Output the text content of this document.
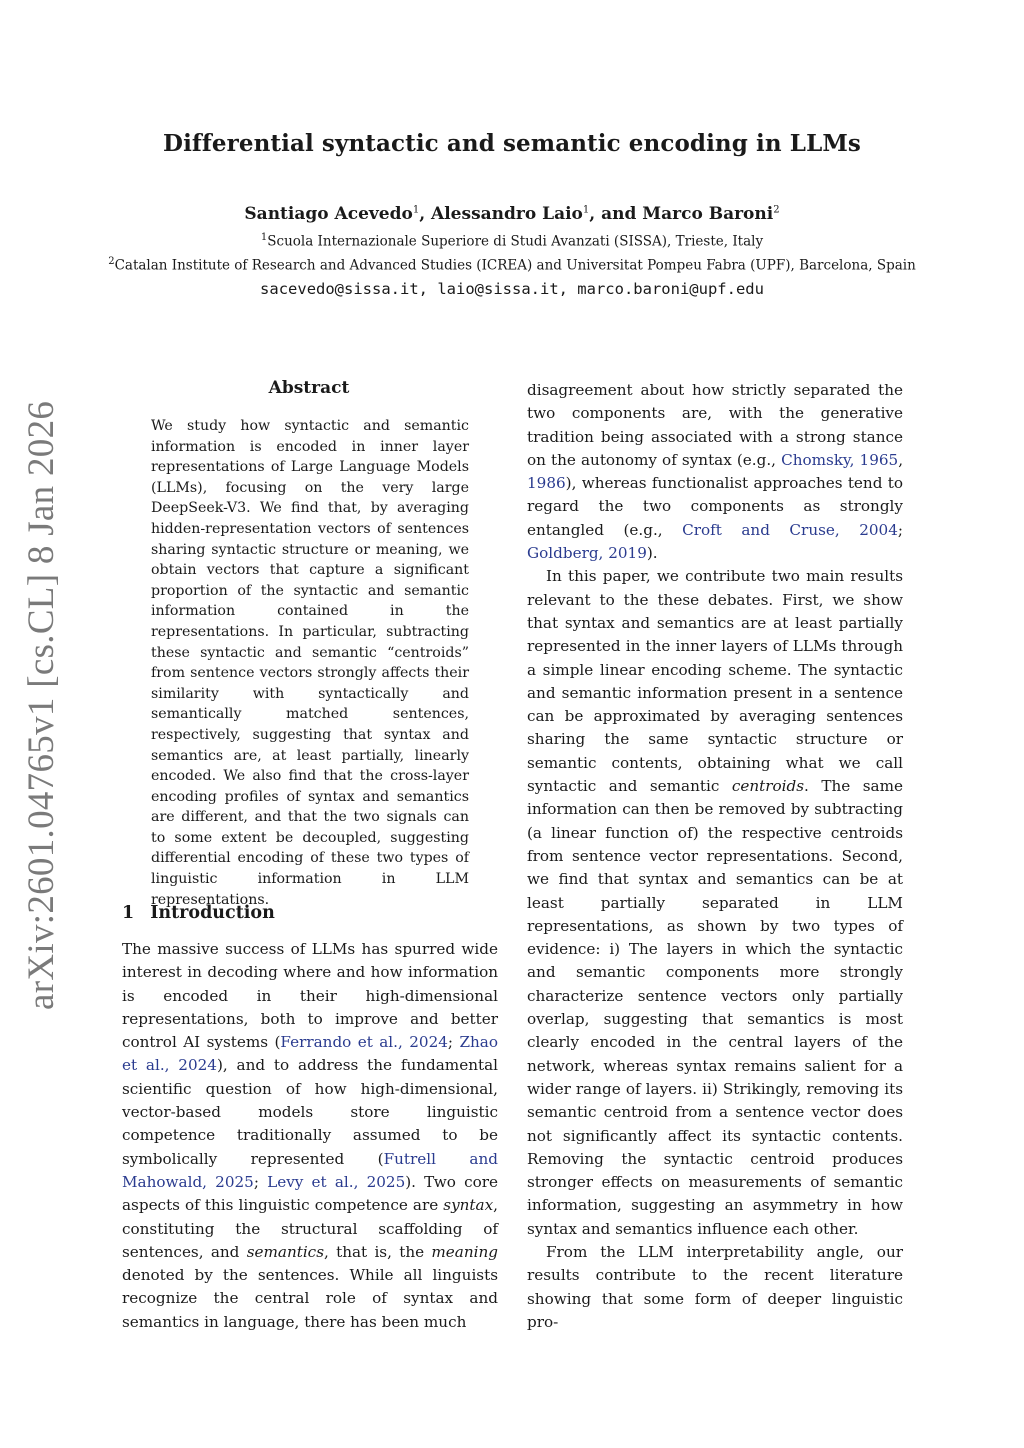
Differential syntactic and semantic encoding in LLMs
Santiago Acevedo$^1$, Alessandro Laio$^1$, and Marco Baroni$^2$
$^1$Scuola Internazionale Superiore di Studi Avanzati (SISSA), Trieste, Italy
$^2$Catalan Institute of Research and Advanced Studies (ICREA) and Universitat Pompeu Fabra (UPF), Barcelona, Spain
sacevedo@sissa.it, laio@sissa.it, marco.baroni@upf.edu
arXiv:2601.04765v1 [cs.CL] 8 Jan 2026
Abstract
We study how syntactic and semantic information is encoded in inner layer representations of Large Language Models (LLMs), focusing on the very large DeepSeek-V3. We find that, by averaging hidden-representation vectors of sentences sharing syntactic structure or meaning, we obtain vectors that capture a significant proportion of the syntactic and semantic information contained in the representations. In particular, subtracting these syntactic and semantic “centroids” from sentence vectors strongly affects their similarity with syntactically and semantically matched sentences, respectively, suggesting that syntax and semantics are, at least partially, linearly encoded. We also find that the cross-layer encoding profiles of syntax and semantics are different, and that the two signals can to some extent be decoupled, suggesting differential encoding of these two types of linguistic information in LLM representations.
1 Introduction

The massive success of LLMs has spurred wide interest in decoding where and how information is encoded in their high-dimensional representations, both to improve and better control AI systems (Ferrando et al., 2024; Zhao et al., 2024), and to address the fundamental scientific question of how high-dimensional, vector-based models store linguistic competence traditionally assumed to be symbolically represented (Futrell and Mahowald, 2025; Levy et al., 2025). Two core aspects of this linguistic competence are syntax, constituting the structural scaffolding of sentences, and semantics, that is, the meaning denoted by the sentences. While all linguists recognize the central role of syntax and semantics in language, there has been much

disagreement about how strictly separated the two components are, with the generative tradition being associated with a strong stance on the autonomy of syntax (e.g., Chomsky, 1965, 1986), whereas functionalist approaches tend to regard the two components as strongly entangled (e.g., Croft and Cruse, 2004; Goldberg, 2019).

In this paper, we contribute two main results relevant to the these debates. First, we show that syntax and semantics are at least partially represented in the inner layers of LLMs through a simple linear encoding scheme. The syntactic and semantic information present in a sentence can be approximated by averaging sentences sharing the same syntactic structure or semantic contents, obtaining what we call syntactic and semantic centroids. The same information can then be removed by subtracting (a linear function of) the respective centroids from sentence vector representations. Second, we find that syntax and semantics can be at least partially separated in LLM representations, as shown by two types of evidence: i) The layers in which the syntactic and semantic components more strongly characterize sentence vectors only partially overlap, suggesting that semantics is most clearly encoded in the central layers of the network, whereas syntax remains salient for a wider range of layers. ii) Strikingly, removing its semantic centroid from a sentence vector does not significantly affect its syntactic contents. Removing the syntactic centroid produces stronger effects on measurements of semantic information, suggesting an asymmetry in how syntax and semantics influence each other.

From the LLM interpretability angle, our results contribute to the recent literature showing that some form of deeper linguistic pro-
